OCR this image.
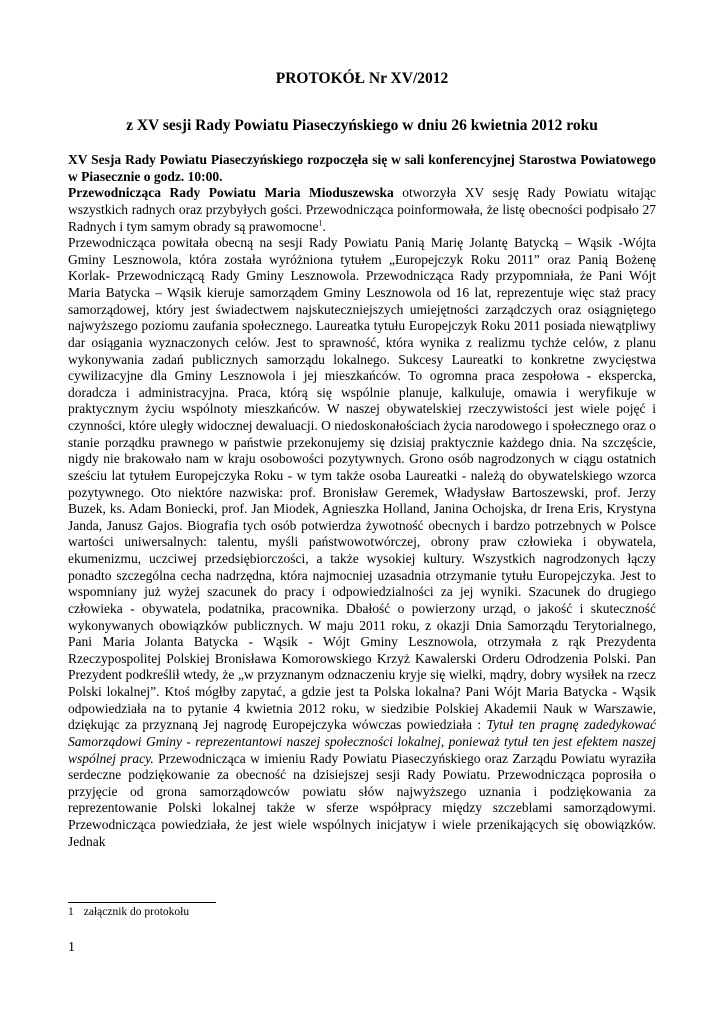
PROTOKÓŁ Nr XV/2012
z XV sesji Rady Powiatu Piaseczyńskiego w dniu 26 kwietnia 2012 roku

XV Sesja Rady Powiatu Piaseczyńskiego rozpoczęła się w sali konferencyjnej Starostwa Powiatowego w Piasecznie o godz. 10:00.

Przewodnicząca Rady Powiatu Maria Mioduszewska otworzyła XV sesję Rady Powiatu witając wszystkich radnych oraz przybyłych gości. Przewodnicząca poinformowała, że listę obecności podpisało 27 Radnych i tym samym obrady są prawomocne$^1$.

Przewodnicząca powitała obecną na sesji Rady Powiatu Panią Marię Jolantę Batycką – Wąsik -Wójta Gminy Lesznowola, która została wyróżniona tytułem „Europejczyk Roku 2011” oraz Panią Bożenę Korlak- Przewodniczącą Rady Gminy Lesznowola. Przewodnicząca Rady przypomniała, że Pani Wójt Maria Batycka – Wąsik kieruje samorządem Gminy Lesznowola od 16 lat, reprezentuje więc staż pracy samorządowej, który jest świadectwem najskuteczniejszych umiejętności zarządczych oraz osiągniętego najwyższego poziomu zaufania społecznego. Laureatka tytułu Europejczyk Roku 2011 posiada niewątpliwy dar osiągania wyznaczonych celów. Jest to sprawność, która wynika z realizmu tychże celów, z planu wykonywania zadań publicznych samorządu lokalnego. Sukcesy Laureatki to konkretne zwycięstwa cywilizacyjne dla Gminy Lesznowola i jej mieszkańców. To ogromna praca zespołowa - ekspercka, doradcza i administracyjna. Praca, którą się wspólnie planuje, kalkuluje, omawia i weryfikuje w praktycznym życiu wspólnoty mieszkańców. W naszej obywatelskiej rzeczywistości jest wiele pojęć i czynności, które uległy widocznej dewaluacji. O niedoskonałościach życia narodowego i społecznego oraz o stanie porządku prawnego w państwie przekonujemy się dzisiaj praktycznie każdego dnia. Na szczęście, nigdy nie brakowało nam w kraju osobowości pozytywnych. Grono osób nagrodzonych w ciągu ostatnich sześciu lat tytułem Europejczyka Roku - w tym także osoba Laureatki - należą do obywatelskiego wzorca pozytywnego. Oto niektóre nazwiska: prof. Bronisław Geremek, Władysław Bartoszewski, prof. Jerzy Buzek, ks. Adam Boniecki, prof. Jan Miodek, Agnieszka Holland, Janina Ochojska, dr Irena Eris, Krystyna Janda, Janusz Gajos. Biografia tych osób potwierdza żywotność obecnych i bardzo potrzebnych w Polsce wartości uniwersalnych: talentu, myśli państwowotwórczej, obrony praw człowieka i obywatela, ekumenizmu, uczciwej przedsiębiorczości, a także wysokiej kultury. Wszystkich nagrodzonych łączy ponadto szczególna cecha nadrzędna, która najmocniej uzasadnia otrzymanie tytułu Europejczyka. Jest to wspomniany już wyżej szacunek do pracy i odpowiedzialności za jej wyniki. Szacunek do drugiego człowieka - obywatela, podatnika, pracownika. Dbałość o powierzony urząd, o jakość i skuteczność wykonywanych obowiązków publicznych. W maju 2011 roku, z okazji Dnia Samorządu Terytorialnego, Pani Maria Jolanta Batycka - Wąsik - Wójt Gminy Lesznowola, otrzymała z rąk Prezydenta Rzeczypospolitej Polskiej Bronisława Komorowskiego Krzyż Kawalerski Orderu Odrodzenia Polski. Pan Prezydent podkreślił wtedy, że „w przyznanym odznaczeniu kryje się wielki, mądry, dobry wysiłek na rzecz Polski lokalnej”. Ktoś mógłby zapytać, a gdzie jest ta Polska lokalna? Pani Wójt Maria Batycka - Wąsik odpowiedziała na to pytanie 4 kwietnia 2012 roku, w siedzibie Polskiej Akademii Nauk w Warszawie, dziękując za przyznaną Jej nagrodę Europejczyka wówczas powiedziała : Tytuł ten pragnę zadedykować Samorządowi Gminy - reprezentantowi naszej społeczności lokalnej, ponieważ tytuł ten jest efektem naszej wspólnej pracy. Przewodnicząca w imieniu Rady Powiatu Piaseczyńskiego oraz Zarządu Powiatu wyraziła serdeczne podziękowanie za obecność na dzisiejszej sesji Rady Powiatu. Przewodnicząca poprosiła o przyjęcie od grona samorządowców powiatu słów najwyższego uznania i podziękowania za reprezentowanie Polski lokalnej także w sferze współpracy między szczeblami samorządowymi. Przewodnicząca powiedziała, że jest wiele wspólnych inicjatyw i wiele przenikających się obowiązków. Jednak

1 załącznik do protokołu

1
